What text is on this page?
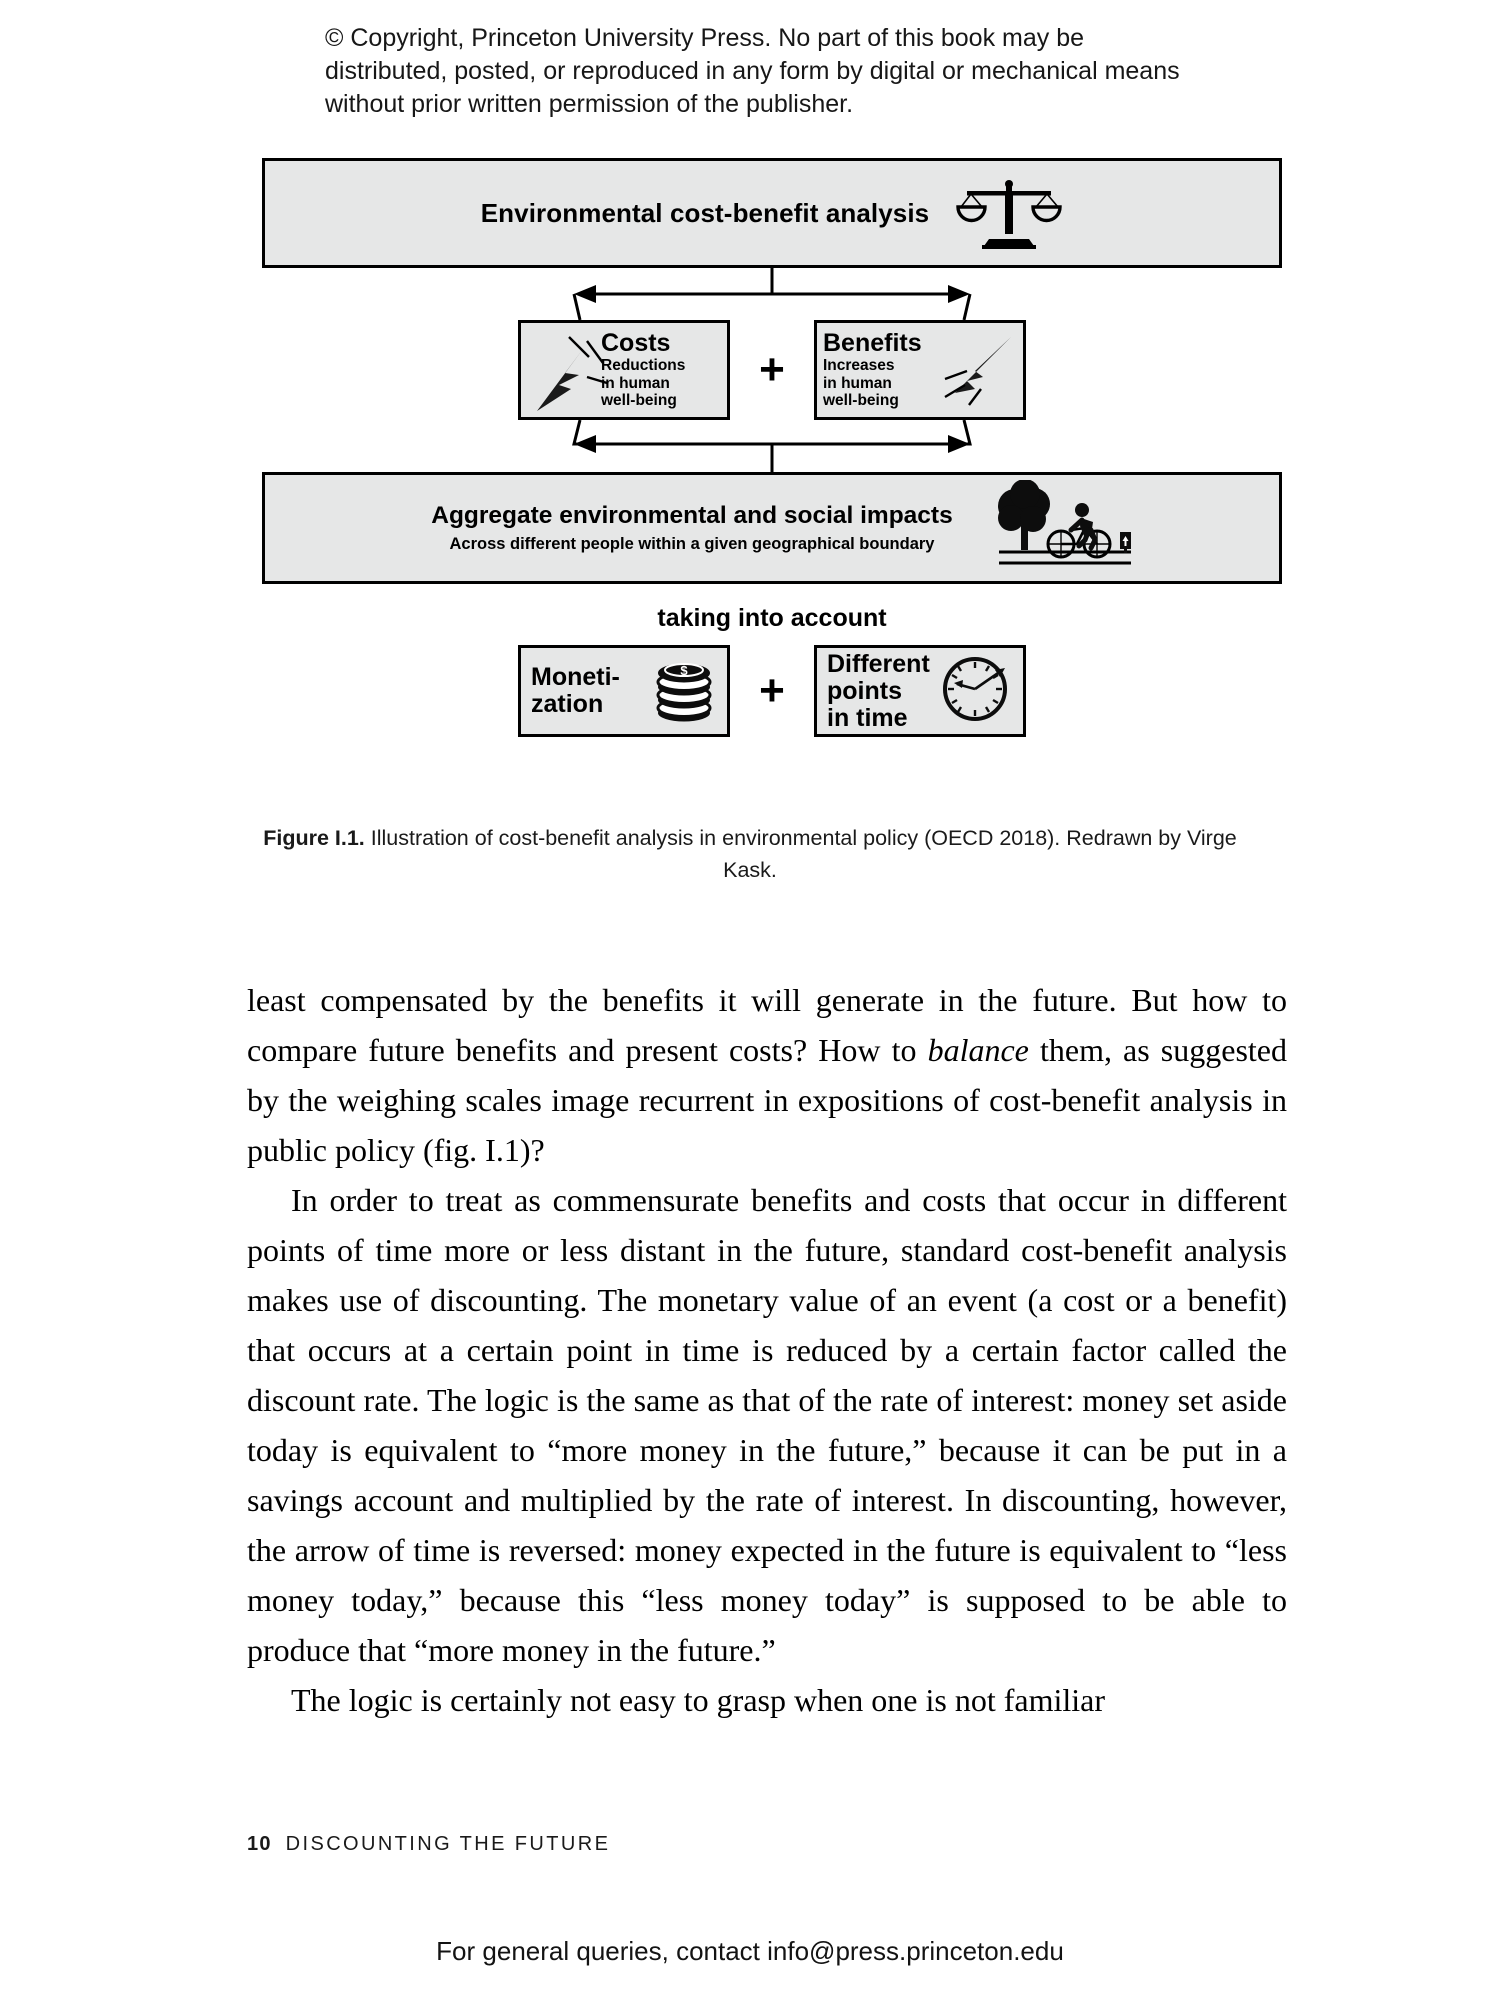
© Copyright, Princeton University Press. No part of this book may be distributed, posted, or reproduced in any form by digital or mechanical means without prior written permission of the publisher.
Environmental cost-benefit analysis
Costs
Reductions
in human
well-being
+
Benefits
Increases
in human
well-being
Aggregate environmental and social impacts
Across different people within a given geographical boundary
taking into account
Moneti-
zation
$	+
Different
points
in time
Figure I.1. Illustration of cost-benefit analysis in environmental policy (OECD 2018). Redrawn by Virge Kask.

least compensated by the benefits it will generate in the future. But how to compare future benefits and present costs? How to balance them, as suggested by the weighing scales image recurrent in expositions of cost-benefit analysis in public policy (fig. I.1)?

In order to treat as commensurate benefits and costs that occur in different points of time more or less distant in the future, standard cost-benefit analysis makes use of discounting. The monetary value of an event (a cost or a benefit) that occurs at a certain point in time is reduced by a certain factor called the discount rate. The logic is the same as that of the rate of interest: money set aside today is equivalent to “more money in the future,” because it can be put in a savings account and multiplied by the rate of interest. In discounting, however, the arrow of time is reversed: money expected in the future is equivalent to “less money today,” because this “less money today” is supposed to be able to produce that “more money in the future.”

The logic is certainly not easy to grasp when one is not familiar

10 DISCOUNTING THE FUTURE
For general queries, contact info@press.princeton.edu
